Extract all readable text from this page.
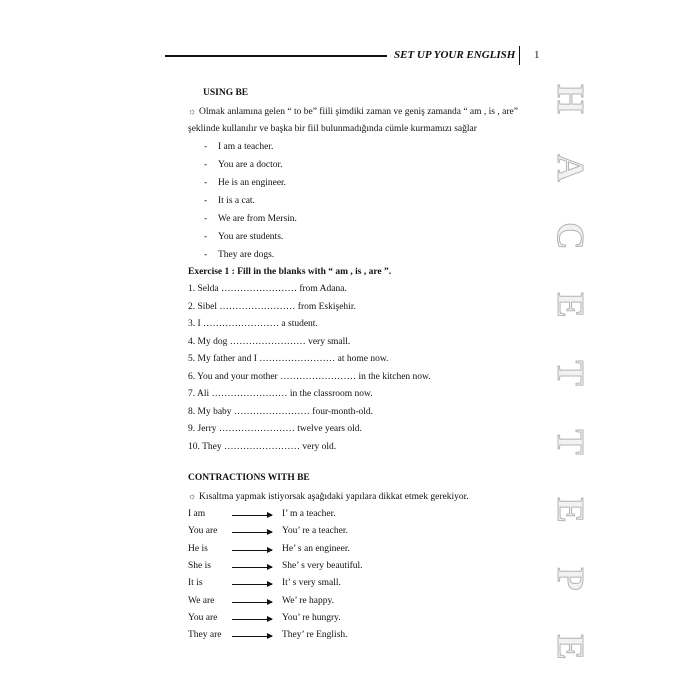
SET UP YOUR ENGLISH 1
H
A
C
E
T
T
E
P
E
USING BE
☼ Olmak anlamına gelen “ to be” fiili şimdiki zaman ve geniş zamanda “ am , is , are”
şeklinde kullanılır ve başka bir fiil bulunmadığında cümle kurmamızı sağlar
- I am a teacher.
- You are a doctor.
- He is an engineer.
- It is a cat.
- We are from Mersin.
- You are students.
- They are dogs.
Exercise 1 : Fill in the blanks with “ am , is , are ”.
1. Selda …………………… from Adana.
2. Sibel …………………… from Eskişehir.
3. I …………………… a student.
4. My dog …………………… very small.
5. My father and I …………………… at home now.
6. You and your mother …………………… in the kitchen now.
7. Ali …………………… in the classroom now.
8. My baby …………………… four-month-old.
9. Jerry …………………… twelve years old.
10. They …………………… very old.
CONTRACTIONS WITH BE
☼ Kısaltma yapmak istiyorsak aşağıdaki yapılara dikkat etmek gerekiyor.
I am	I’ m a teacher.
You are	You’ re a teacher.
He is	He’ s an engineer.
She is	She’ s very beautiful.
It is	It’ s very small.
We are	We’ re happy.
You are	You’ re hungry.
They are	They’ re English.
